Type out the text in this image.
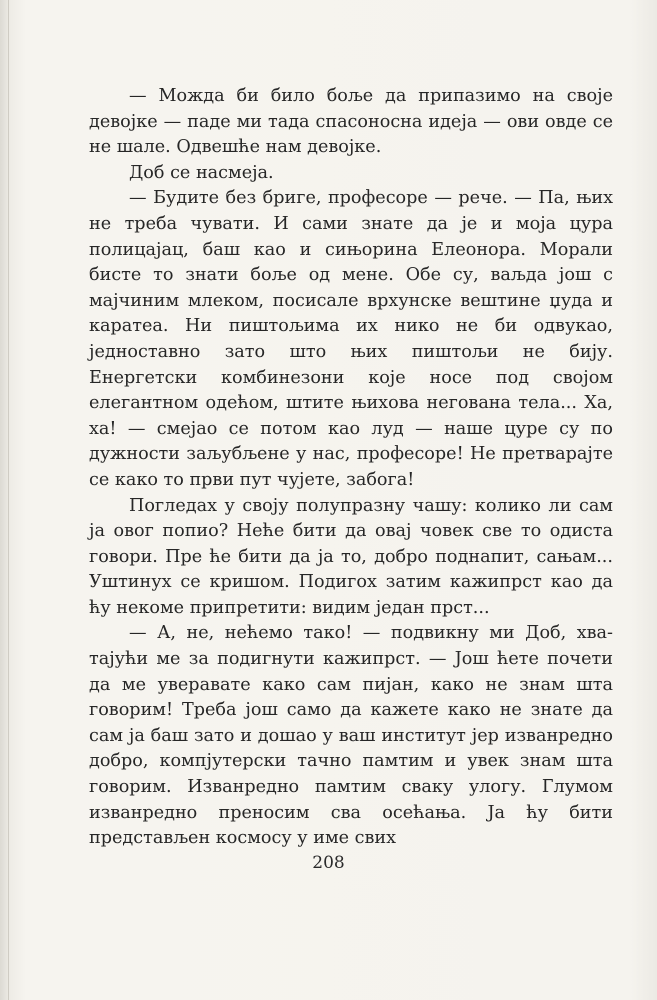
— Можда би било боље да припазимо на своје девојке — паде ми тада спасоносна идеја — ови овде се не шале. Одвешће нам девојке.

Доб се насмеја.

— Будите без бриге, професоре — рече. — Па, њих не треба чувати. И сами знате да је и моја цура полицајац, баш као и сињорина Елеонора. Морали бисте то знати боље од мене. Обе су, ваљда још с мајчиним млеком, посисале врхунске вештине џуда и каратеа. Ни пиштољима их нико не би одвукао, једноставно зато што њих пиштољи не бију. Енергетски комбинезони које носе под својом елегантном одећом, штите њихова негована тела... Ха, ха! — смејао се потом као луд — наше цуре су по дужности заљубљене у нас, професоре! Не претварајте се како то први пут чујете, забога!

Погледах у своју полупразну чашу: колико ли сам ја овог попио? Неће бити да овај човек све то одиста говори. Пре ће бити да ја то, добро поднапит, сањам... Уштинух се кришом. Подигох затим кажипрст као да ћу некоме припретити: видим један прст...

— А, не, нећемо тако! — подвикну ми Доб, хватајући ме за подигнути кажипрст. — Још ћете почети да ме уверавате како сам пијан, како не знам шта говорим! Треба још само да кажете како не знате да сам ја баш зато и дошао у ваш институт јер изванредно добро, компјутерски тачно памтим и увек знам шта говорим. Изванредно памтим сваку улогу. Глумом изванредно преносим сва осећања. Ја ћу бити представљен космосу у име свих

208
